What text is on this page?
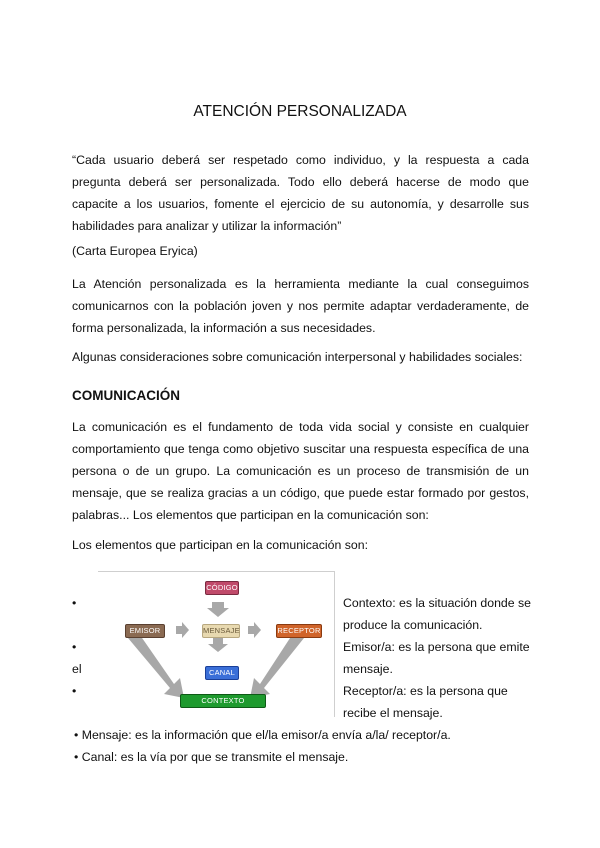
ATENCIÓN PERSONALIZADA
“Cada usuario deberá ser respetado como individuo, y la respuesta a cada pregunta deberá ser personalizada. Todo ello deberá hacerse de modo que capacite a los usuarios, fomente el ejercicio de su autonomía, y desarrolle sus habilidades para analizar y utilizar la información”
(Carta Europea Eryica)
La Atención personalizada es la herramienta mediante la cual conseguimos comunicarnos con la población joven y nos permite adaptar verdaderamente, de forma personalizada, la información a sus necesidades.
Algunas consideraciones sobre comunicación interpersonal y habilidades sociales:
COMUNICACIÓN
La comunicación es el fundamento de toda vida social y consiste en cualquier comportamiento que tenga como objetivo suscitar una respuesta específica de una persona o de un grupo. La comunicación es un proceso de transmisión de un mensaje, que se realiza gracias a un código, que puede estar formado por gestos, palabras... Los elementos que participan en la comunicación son:
Los elementos que participan en la comunicación son:
CÓDIGO
EMISOR	MENSAJE	RECEPTOR
CANAL
CONTEXTO
•	Contexto: es la situación donde se
produce la comunicación.
•	Emisor/a: es la persona que emite
el	mensaje.
•	Receptor/a: es la persona que
recibe el mensaje.
• Mensaje: es la información que el/la emisor/a envía a/la/ receptor/a.
• Canal: es la vía por que se transmite el mensaje.
